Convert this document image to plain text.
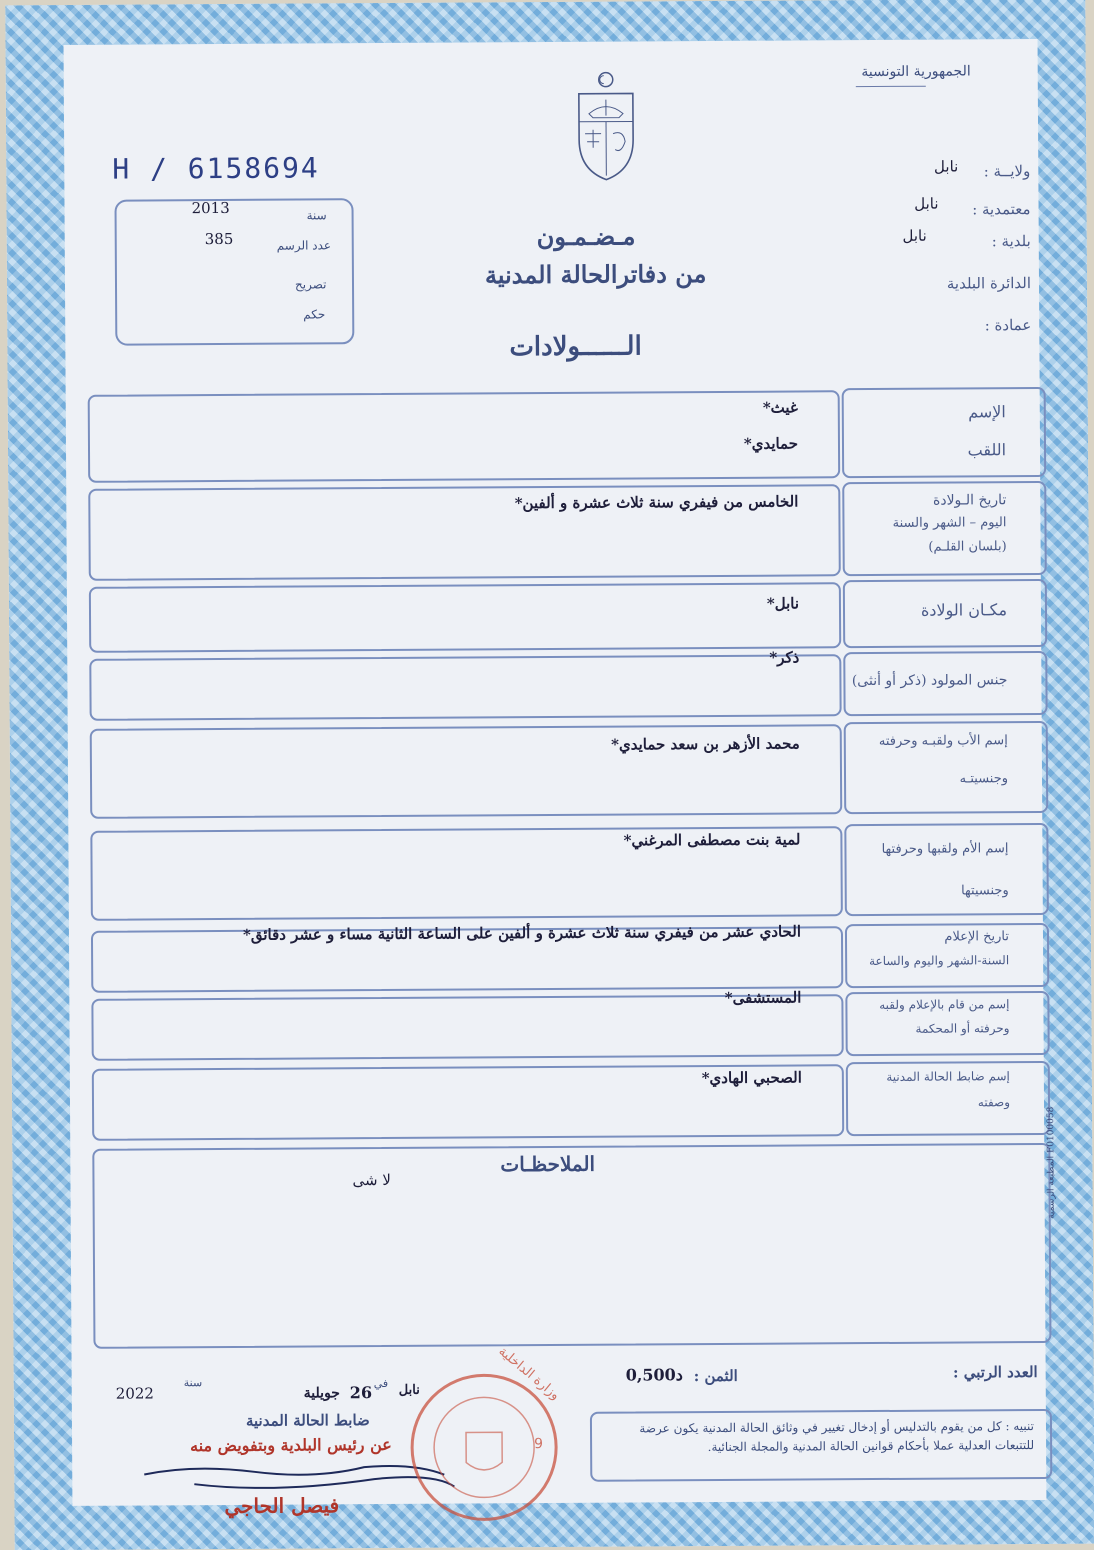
الجمهورية التونسية
H / 6158694
سنة
2013
عدد الرسم
385
تصريح
حكم
مـضـمـون
من دفاترالحالة المدنية
الــــــولادات
ولايــة :
نابل
معتمدية :
نابل
بلدية :
نابل
الدائرة البلدية
عمادة :
الإسم
اللقب
غيث*
حمايدي*
تاريخ الـولادة
اليوم – الشهر والسنة
(بلسان القلـم)
الخامس من فيفري سنة ثلاث عشرة و ألفين*
مكـان الولادة
نابل*
جنس المولود (ذكر أو أنثى)
ذكر*
إسم الأب ولقبـه وحرفته
وجنسيتـه
محمد الأزهر بن سعد حمايدي*
إسم الأم ولقبها وحرفتها
وجنسيتها
لمية بنت مصطفى المرغني*
تاريخ الإعلام
السنة-الشهر واليوم والساعة
الحادي عشر من فيفري سنة ثلاث عشرة و ألفين على الساعة الثانية مساء و عشر دقائق*
إسم من قام بالإعلام ولقبه
وحرفته أو المحكمة
المستشفى*
إسم ضابط الحالة المدنية
وصفته
الصحبي الهادي*
الملاحظـات
لا شى	المطبعة الرسمية F0100058
العدد الرتبي :
الثمن :
0,500د
سنة
2022	جويلية 26 في نابل
ضابط الحالة المدنية
عن رئيس البلدية وبتفويض منه
فيصل الحاجي
وزارة الداخلية
9
تنبيه : كل من يقوم بالتدليس أو إدخال تغيير في وثائق الحالة المدنية يكون عرضة للتتبعات العدلية عملا بأحكام قوانين الحالة المدنية والمجلة الجنائية.
